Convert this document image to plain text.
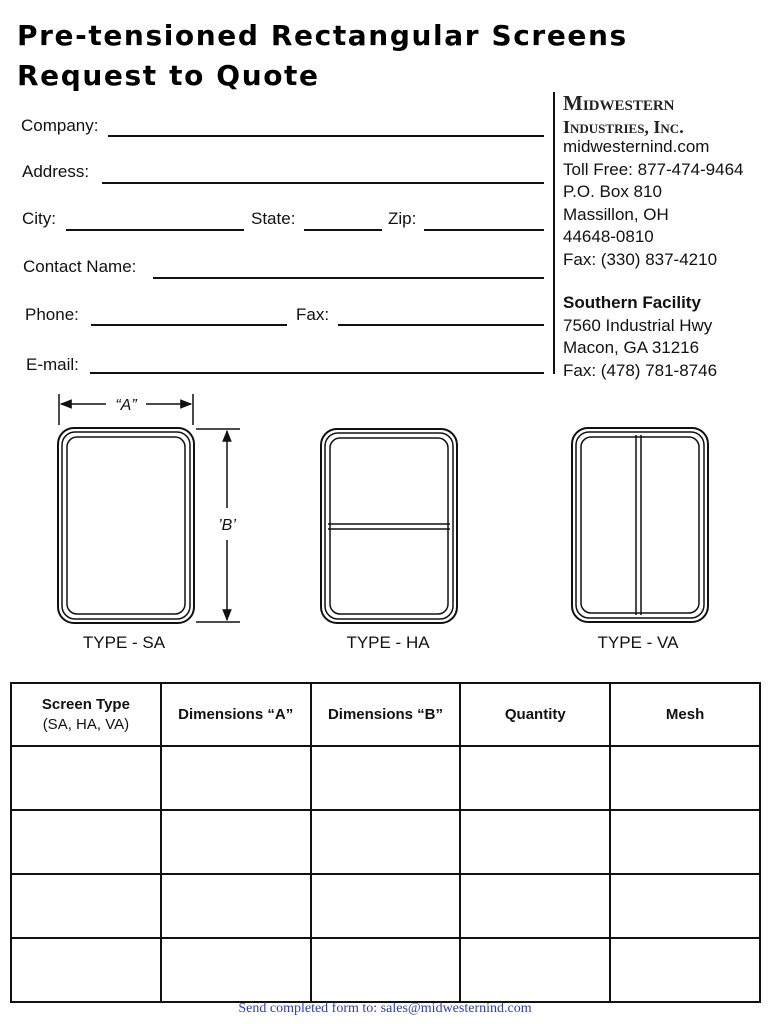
Pre-tensioned Rectangular Screens
Request to Quote
Company:
Address:
City:	State:	Zip:
Contact Name:
Phone:	Fax:
E-mail:
Midwestern
Industries, Inc.
midwesternind.com
Toll Free: 877-474-9464
P.O. Box 810
Massillon, OH
44648-0810
Fax: (330) 837-4210
Southern Facility
7560 Industrial Hwy
Macon, GA 31216
Fax: (478) 781-8746
“A”
’B’
TYPE - SA	TYPE - HA	TYPE - VA
Screen Type
(SA, HA, VA)	Dimensions “A”	Dimensions “B”	Quantity	Mesh

Send completed form to: sales@midwesternind.com
